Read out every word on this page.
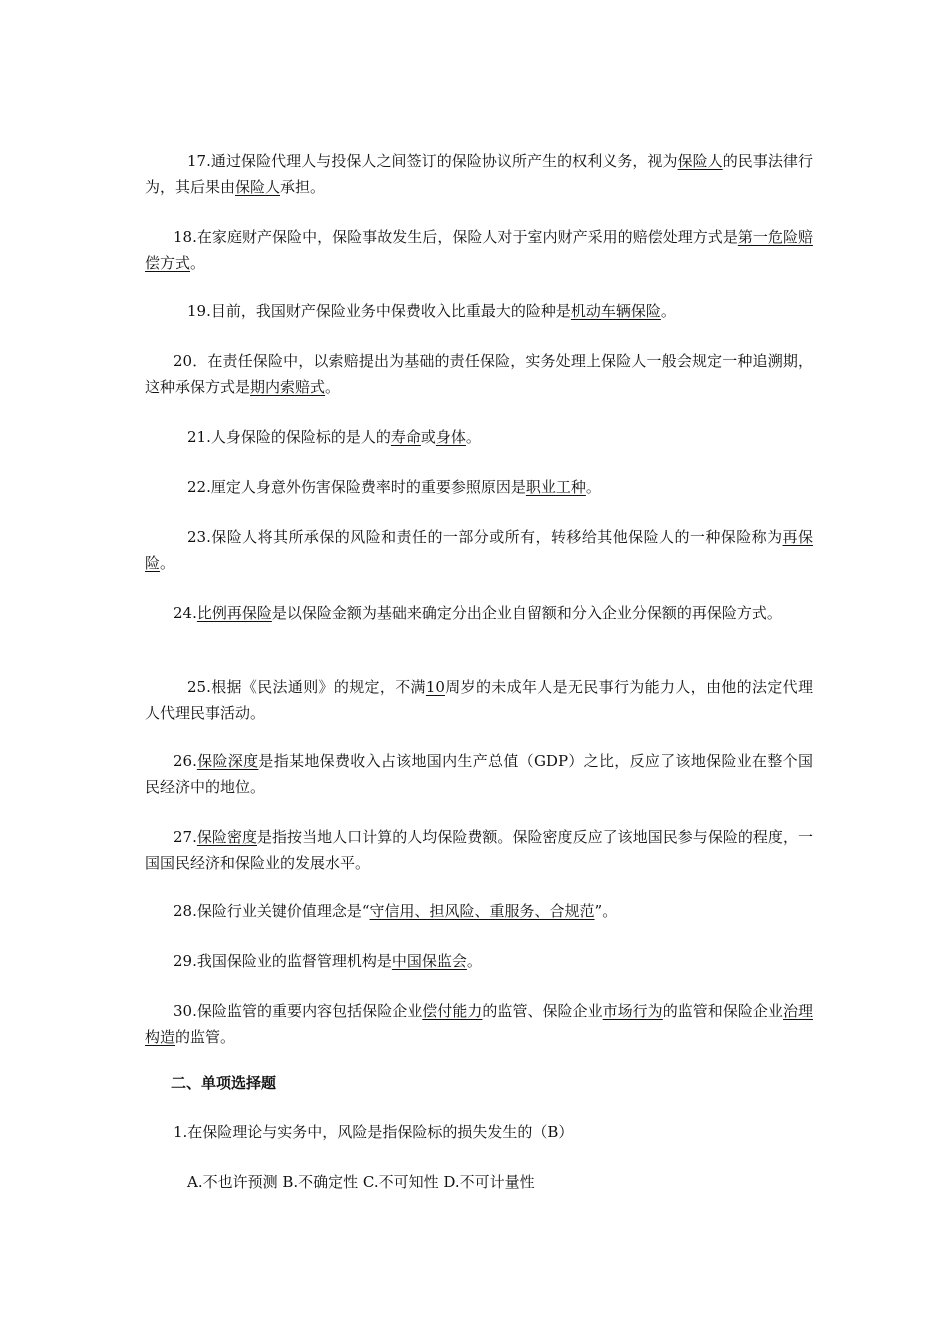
17.通过保险代理人与投保人之间签订的保险协议所产生的权利义务，视为保险人的民事法律行为，其后果由保险人承担。
18.在家庭财产保险中，保险事故发生后，保险人对于室内财产采用的赔偿处理方式是第一危险赔偿方式。
19.目前，我国财产保险业务中保费收入比重最大的险种是机动车辆保险。
20．在责任保险中，以索赔提出为基础的责任保险，实务处理上保险人一般会规定一种追溯期，这种承保方式是期内索赔式。
21.人身保险的保险标的是人的寿命或身体。
22.厘定人身意外伤害保险费率时的重要参照原因是职业工种。
23.保险人将其所承保的风险和责任的一部分或所有，转移给其他保险人的一种保险称为再保险。
24.比例再保险是以保险金额为基础来确定分出企业自留额和分入企业分保额的再保险方式。
25.根据《民法通则》的规定，不满10周岁的未成年人是无民事行为能力人，由他的法定代理人代理民事活动。
26.保险深度是指某地保费收入占该地国内生产总值（GDP）之比，反应了该地保险业在整个国民经济中的地位。
27.保险密度是指按当地人口计算的人均保险费额。保险密度反应了该地国民参与保险的程度，一国国民经济和保险业的发展水平。
28.保险行业关键价值理念是“守信用、担风险、重服务、合规范”。
29.我国保险业的监督管理机构是中国保监会。
30.保险监管的重要内容包括保险企业偿付能力的监管、保险企业市场行为的监管和保险企业治理构造的监管。
二、单项选择题
1.在保险理论与实务中，风险是指保险标的损失发生的（B）
A.不也许预测 B.不确定性 C.不可知性 D.不可计量性
